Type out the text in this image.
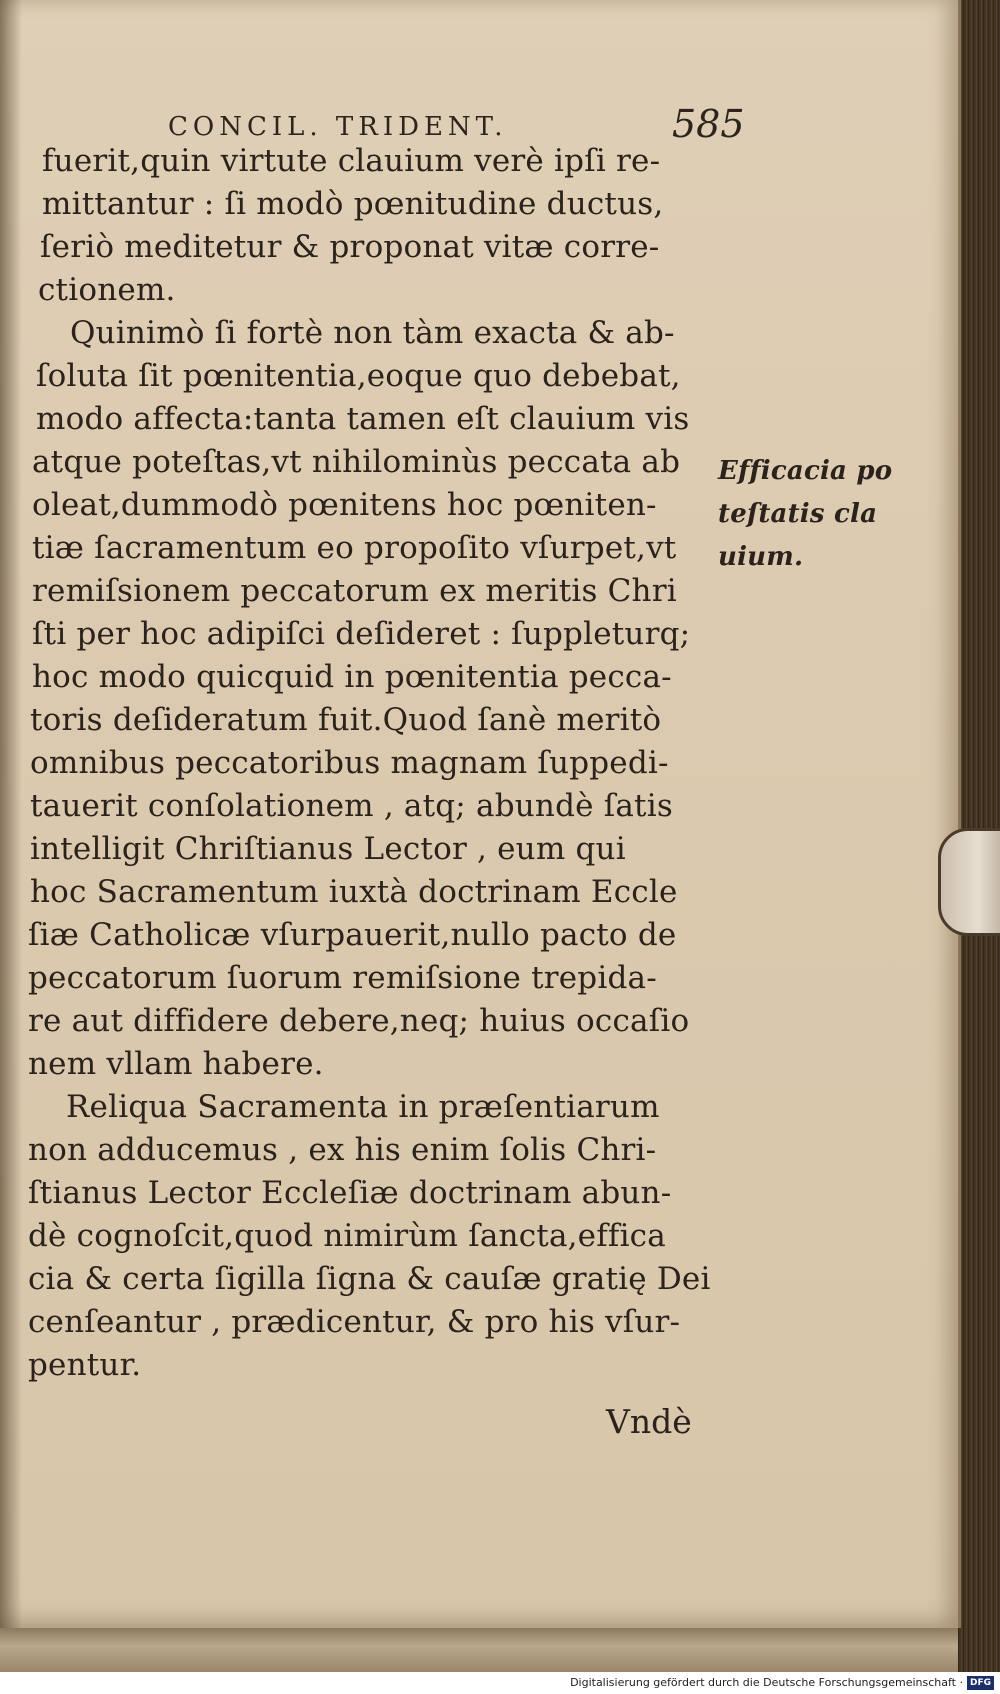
CONCIL. TRIDENT.	585
fuerit,quin virtute clauium verè ipſi re-
mittantur : ſi modò pœnitudine ductus,
ſeriò meditetur & proponat vitæ corre-
ctionem.
Quinimò ſi fortè non tàm exacta & ab-
ſoluta ſit pœnitentia,eoque quo debebat,
modo affecta:tanta tamen eſt clauium vis
atque poteſtas,vt nihilominùs peccata ab
oleat,dummodò pœnitens hoc pœniten-
tiæ ſacramentum eo propoſito vſurpet,vt
remiſsionem peccatorum ex meritis Chri
ſti per hoc adipiſci deſideret : ſuppleturq;
hoc modo quicquid in pœnitentia pecca-
toris deſideratum fuit.Quod ſanè meritò
omnibus peccatoribus magnam ſuppedi-
tauerit conſolationem , atq; abundè ſatis
intelligit Chriſtianus Lector , eum qui
hoc Sacramentum iuxtà doctrinam Eccle
ſiæ Catholicæ vſurpauerit,nullo pacto de
peccatorum ſuorum remiſsione trepida-
re aut diffidere debere,neq; huius occaſio
nem vllam habere.
Reliqua Sacramenta in præſentiarum
non adducemus , ex his enim ſolis Chri-
ſtianus Lector Eccleſiæ doctrinam abun-
dè cognoſcit,quod nimirùm ſancta,effica
cia & certa ſigilla ſigna & cauſæ gratię Dei
cenſeantur , prædicentur, & pro his vſur-
pentur.
Efficacia po
teſtatis cla
uium.
Vndè
Digitalisierung gefördert durch die Deutsche Forschungsgemeinschaft · DFG
